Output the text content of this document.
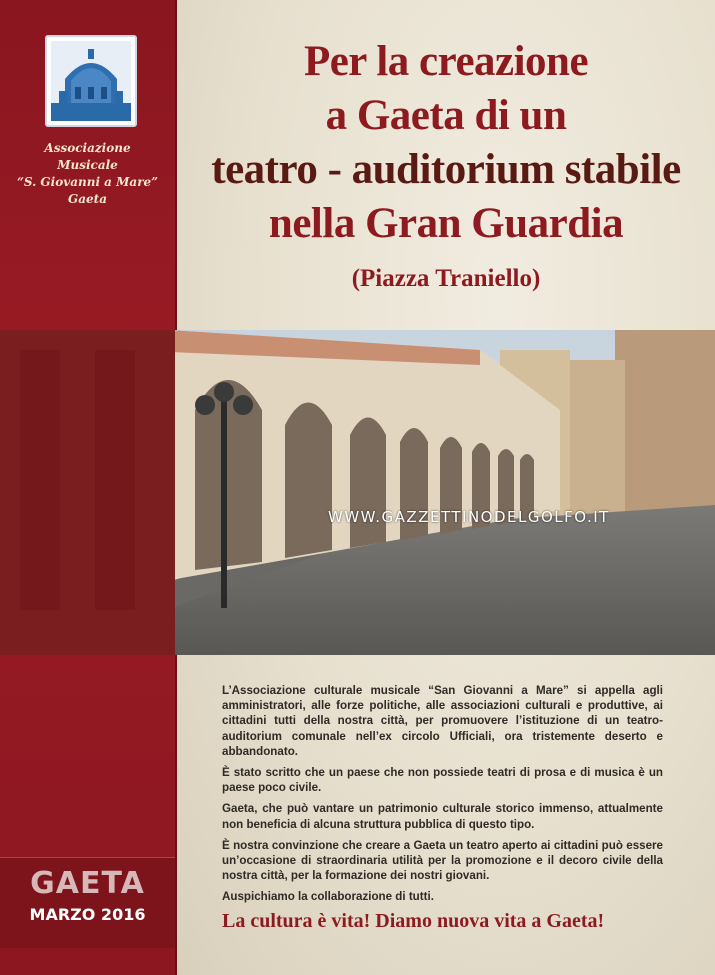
Associazione
Musicale
“S. Giovanni a Mare”
Gaeta
Per la creazione
a Gaeta di un
teatro - auditorium stabile
nella Gran Guardia
(Piazza Traniello)
WWW.GAZZETTINODELGOLFO.IT

L’Associazione culturale musicale “San Giovanni a Mare” si appella agli amministratori, alle forze politiche, alle associazioni culturali e produttive, ai cittadini tutti della nostra città, per promuovere l’istituzione di un teatro-auditorium comunale nell’ex circolo Ufficiali, ora tristemente deserto e abbandonato.

È stato scritto che un paese che non possiede teatri di prosa e di musica è un paese poco civile.

Gaeta, che può vantare un patrimonio culturale storico immenso, attualmente non beneficia di alcuna struttura pubblica di questo tipo.

È nostra convinzione che creare a Gaeta un teatro aperto ai cittadini può essere un’occasione di straordinaria utilità per la promozione e il decoro civile della nostra città, per la formazione dei nostri giovani.

Auspichiamo la collaborazione di tutti.

La cultura è vita! Diamo nuova vita a Gaeta!
GAETA
MARZO 2016
